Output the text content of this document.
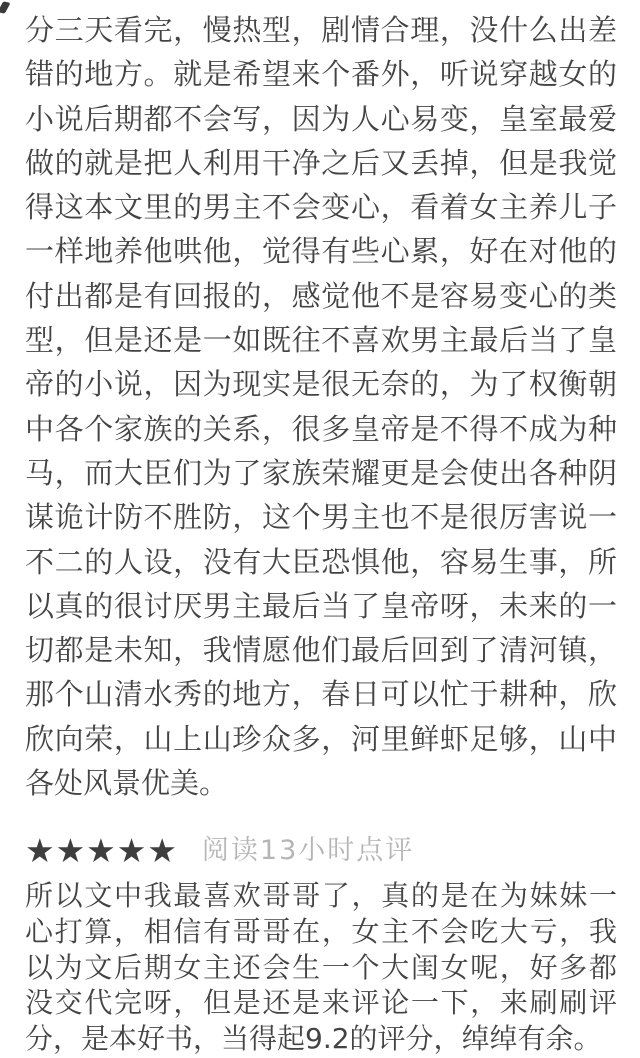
分三天看完，慢热型，剧情合理，没什么出差
错的地方。就是希望来个番外，听说穿越女的
小说后期都不会写，因为人心易变，皇室最爱
做的就是把人利用干净之后又丢掉，但是我觉
得这本文里的男主不会变心，看着女主养儿子
一样地养他哄他，觉得有些心累，好在对他的
付出都是有回报的，感觉他不是容易变心的类
型，但是还是一如既往不喜欢男主最后当了皇
帝的小说，因为现实是很无奈的，为了权衡朝
中各个家族的关系，很多皇帝是不得不成为种
马，而大臣们为了家族荣耀更是会使出各种阴
谋诡计防不胜防，这个男主也不是很厉害说一
不二的人设，没有大臣恐惧他，容易生事，所
以真的很讨厌男主最后当了皇帝呀，未来的一
切都是未知，我情愿他们最后回到了清河镇，
那个山清水秀的地方，春日可以忙于耕种，欣
欣向荣，山上山珍众多，河里鲜虾足够，山中
各处风景优美。
★★★★★ 阅读13小时点评
所以文中我最喜欢哥哥了，真的是在为妹妹一
心打算，相信有哥哥在，女主不会吃大亏，我
以为文后期女主还会生一个大闺女呢，好多都
没交代完呀，但是还是来评论一下，来刷刷评
分，是本好书，当得起9.2的评分，绰绰有余。
